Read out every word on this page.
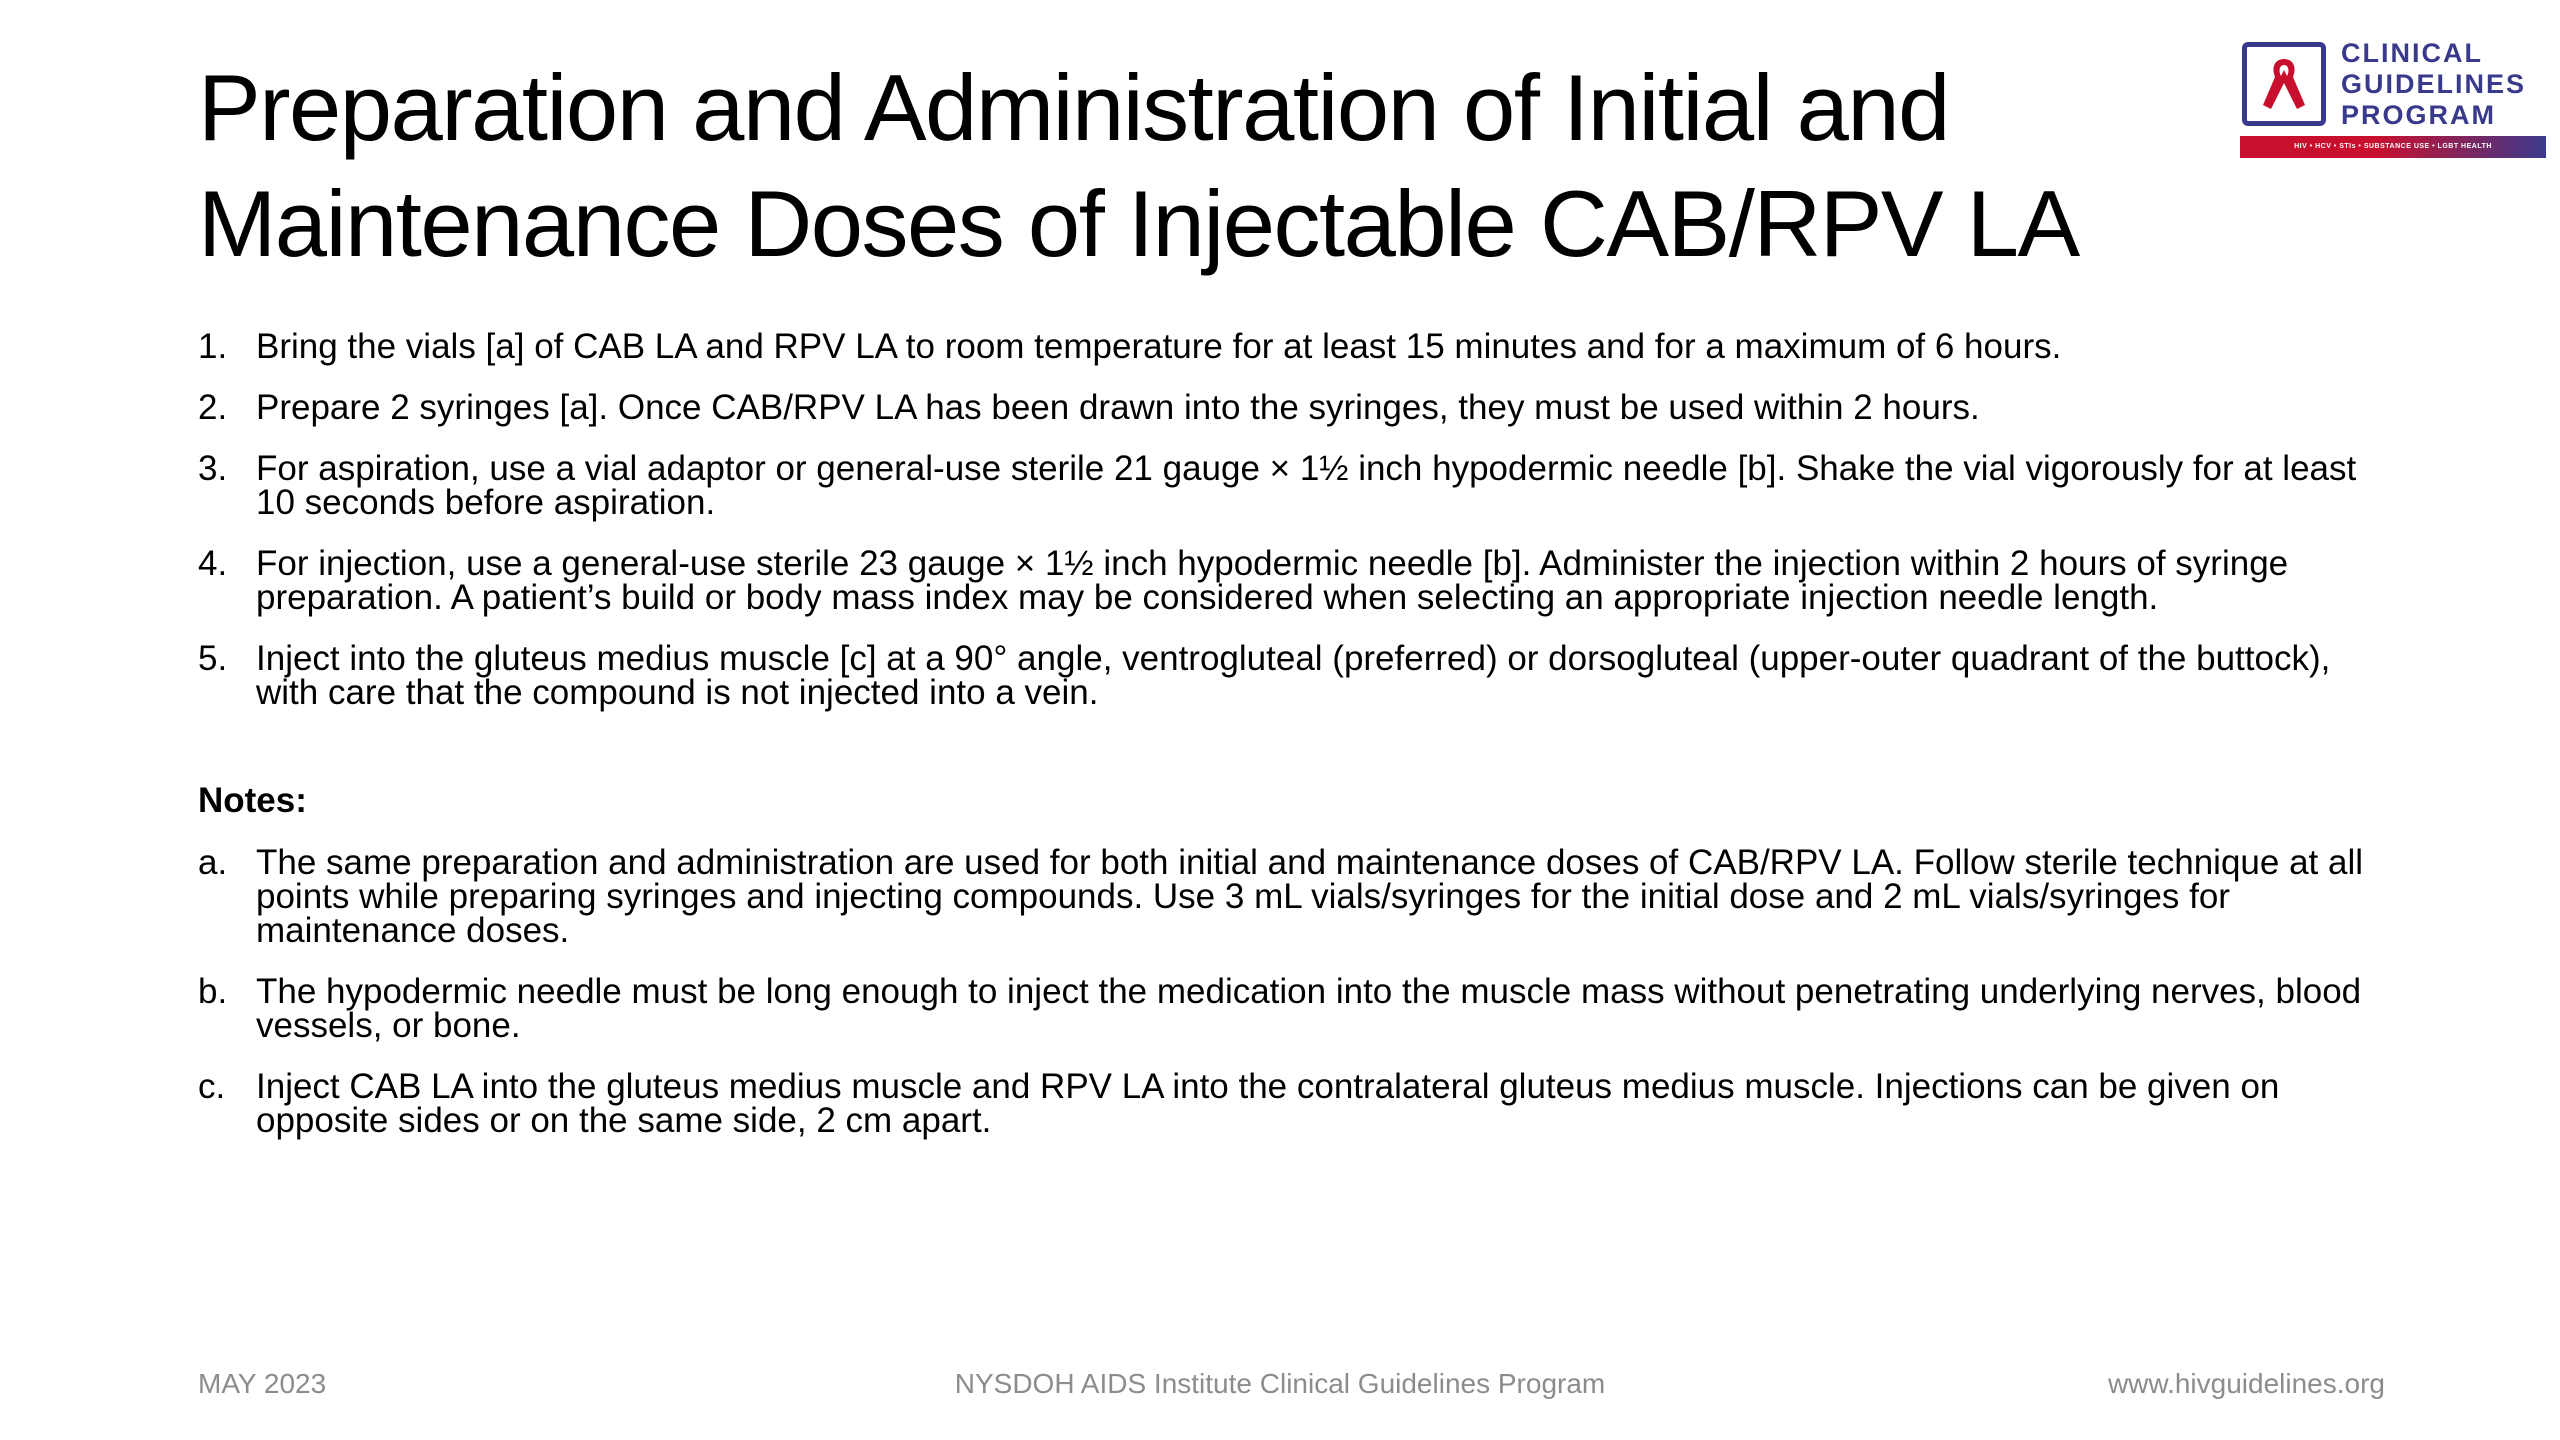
Preparation and Administration of Initial and
Maintenance Doses of Injectable CAB/RPV LA
CLINICAL
GUIDELINES
PROGRAM
HIV • HCV • STIs • SUBSTANCE USE • LGBT HEALTH
1. Bring the vials [a] of CAB LA and RPV LA to room temperature for at least 15 minutes and for a maximum of 6 hours.
2. Prepare 2 syringes [a]. Once CAB/RPV LA has been drawn into the syringes, they must be used within 2 hours.
3. For aspiration, use a vial adaptor or general-use sterile 21 gauge × 1½ inch hypodermic needle [b]. Shake the vial vigorously for at least 10 seconds before aspiration.
4. For injection, use a general-use sterile 23 gauge × 1½ inch hypodermic needle [b]. Administer the injection within 2 hours of syringe preparation. A patient’s build or body mass index may be considered when selecting an appropriate injection needle length.
5. Inject into the gluteus medius muscle [c] at a 90° angle, ventrogluteal (preferred) or dorsogluteal (upper-outer quadrant of the buttock), with care that the compound is not injected into a vein.
Notes:
a. The same preparation and administration are used for both initial and maintenance doses of CAB/RPV LA. Follow sterile technique at all points while preparing syringes and injecting compounds. Use 3 mL vials/syringes for the initial dose and 2 mL vials/syringes for maintenance doses.
b. The hypodermic needle must be long enough to inject the medication into the muscle mass without penetrating underlying nerves, blood vessels, or bone.
c. Inject CAB LA into the gluteus medius muscle and RPV LA into the contralateral gluteus medius muscle. Injections can be given on opposite sides or on the same side, 2 cm apart.
MAY 2023	NYSDOH AIDS Institute Clinical Guidelines Program	www.hivguidelines.org
